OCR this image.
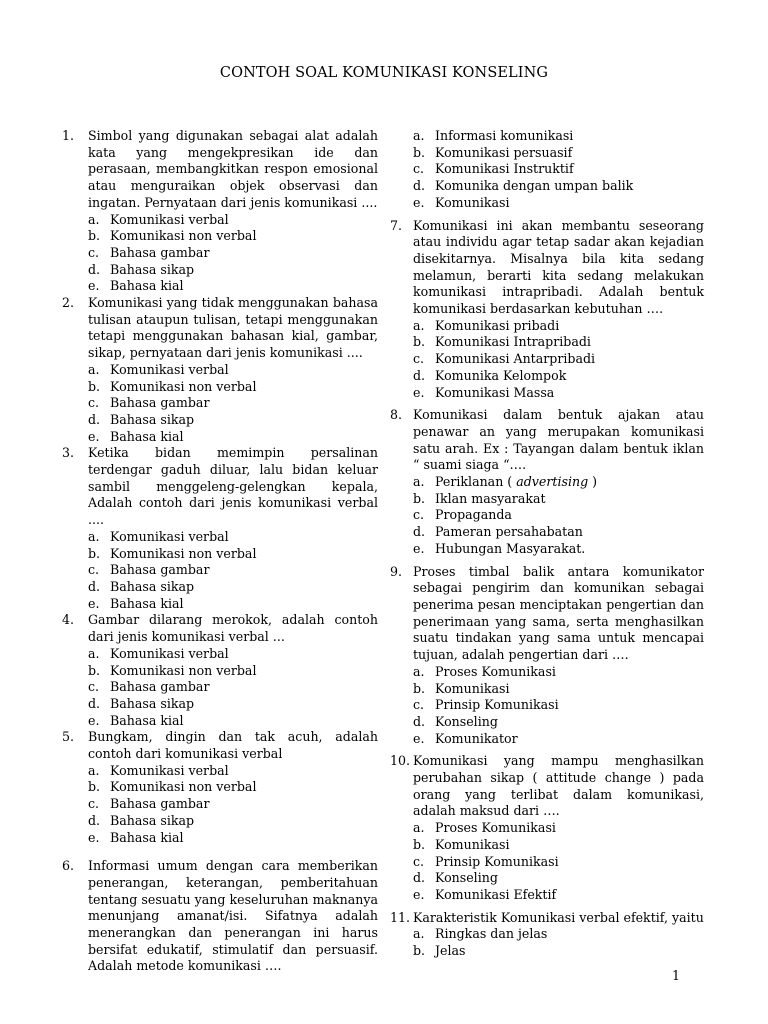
CONTOH SOAL KOMUNIKASI KONSELING
1. Simbol yang digunakan sebagai alat adalah kata yang mengekpresikan ide dan perasaan, membangkitkan respon emosional atau menguraikan objek observasi dan ingatan. Pernyataan dari jenis komunikasi ....
a. Komunikasi verbal
b. Komunikasi non verbal
c. Bahasa gambar
d. Bahasa sikap
e. Bahasa kial
2. Komunikasi yang tidak menggunakan bahasa tulisan ataupun tulisan, tetapi menggunakan tetapi menggunakan bahasan kial, gambar, sikap, pernyataan dari jenis komunikasi ....
a. Komunikasi verbal
b. Komunikasi non verbal
c. Bahasa gambar
d. Bahasa sikap
e. Bahasa kial
3. Ketika bidan memimpin persalinan terdengar gaduh diluar, lalu bidan keluar sambil menggeleng-gelengkan kepala, Adalah contoh dari jenis komunikasi verbal ....
a. Komunikasi verbal
b. Komunikasi non verbal
c. Bahasa gambar
d. Bahasa sikap
e. Bahasa kial
4. Gambar dilarang merokok, adalah contoh dari jenis komunikasi verbal ...
a. Komunikasi verbal
b. Komunikasi non verbal
c. Bahasa gambar
d. Bahasa sikap
e. Bahasa kial
5. Bungkam, dingin dan tak acuh, adalah contoh dari komunikasi verbal
a. Komunikasi verbal
b. Komunikasi non verbal
c. Bahasa gambar
d. Bahasa sikap
e. Bahasa kial
6. Informasi umum dengan cara memberikan penerangan, keterangan, pemberitahuan tentang sesuatu yang keseluruhan maknanya menunjang amanat/isi. Sifatnya adalah menerangkan dan penerangan ini harus bersifat edukatif, stimulatif dan persuasif. Adalah metode komunikasi ….
a. Informasi komunikasi
b. Komunikasi persuasif
c. Komunikasi Instruktif
d. Komunika dengan umpan balik
e. Komunikasi
7. Komunikasi ini akan membantu seseorang atau individu agar tetap sadar akan kejadian disekitarnya. Misalnya bila kita sedang melamun, berarti kita sedang melakukan komunikasi intrapribadi. Adalah bentuk komunikasi berdasarkan kebutuhan ….
a. Komunikasi pribadi
b. Komunikasi Intrapribadi
c. Komunikasi Antarpribadi
d. Komunika Kelompok
e. Komunikasi Massa
8. Komunikasi dalam bentuk ajakan atau penawar an yang merupakan komunikasi satu arah. Ex : Tayangan dalam bentuk iklan “ suami siaga “….
a. Periklanan ( advertising )
b. Iklan masyarakat
c. Propaganda
d. Pameran persahabatan
e. Hubungan Masyarakat.
9. Proses timbal balik antara komunikator sebagai pengirim dan komunikan sebagai penerima pesan menciptakan pengertian dan penerimaan yang sama, serta menghasilkan suatu tindakan yang sama untuk mencapai tujuan, adalah pengertian dari ….
a. Proses Komunikasi
b. Komunikasi
c. Prinsip Komunikasi
d. Konseling
e. Komunikator
10. Komunikasi yang mampu menghasilkan perubahan sikap ( attitude change ) pada orang yang terlibat dalam komunikasi, adalah maksud dari ….
a. Proses Komunikasi
b. Komunikasi
c. Prinsip Komunikasi
d. Konseling
e. Komunikasi Efektif
11. Karakteristik Komunikasi verbal efektif, yaitu
a. Ringkas dan jelas
b. Jelas
1
